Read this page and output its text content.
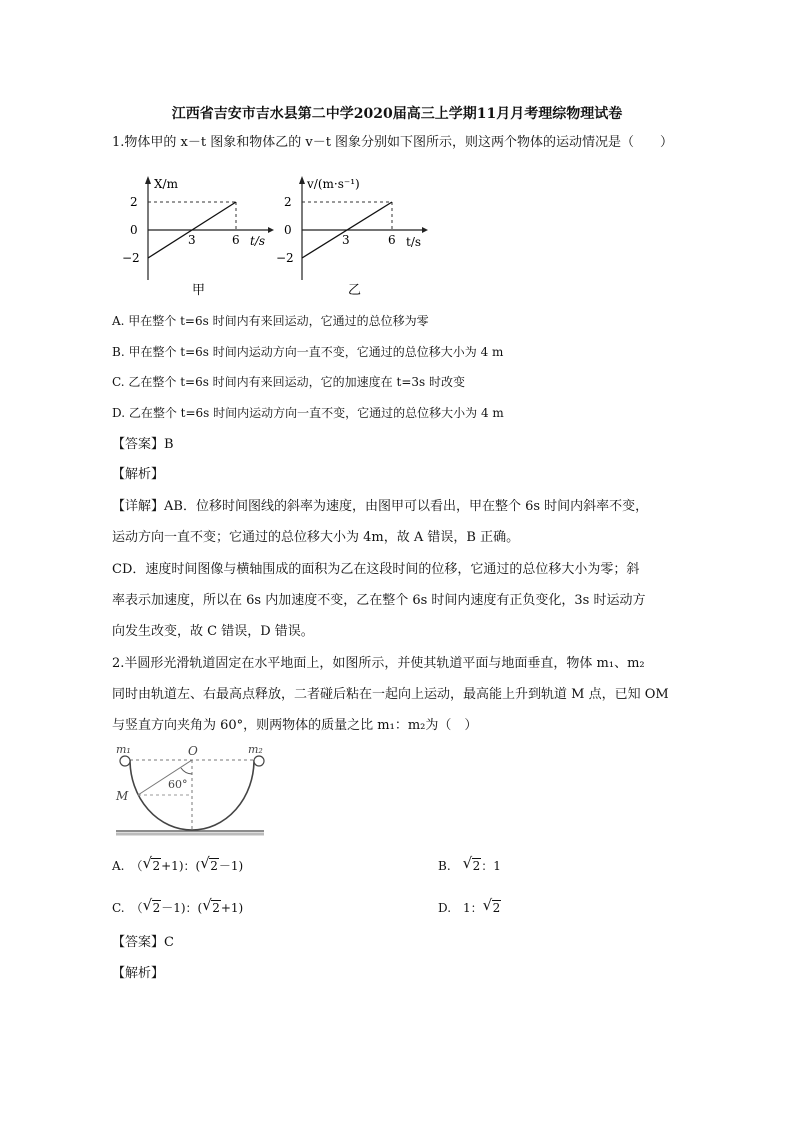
江西省吉安市吉水县第二中学2020届高三上学期11月月考理综物理试卷
1.物体甲的 x－t 图象和物体乙的 v－t 图象分别如下图所示，则这两个物体的运动情况是（　　）
X/m
t/s
2
0
−2
3	6
甲
v/(m·s⁻¹)
t/s
2
0
−2
3	6
乙
A. 甲在整个 t=6s 时间内有来回运动，它通过的总位移为零
B. 甲在整个 t=6s 时间内运动方向一直不变，它通过的总位移大小为 4 m
C. 乙在整个 t=6s 时间内有来回运动，它的加速度在 t=3s 时改变
D. 乙在整个 t=6s 时间内运动方向一直不变，它通过的总位移大小为 4 m
【答案】B
【解析】
【详解】AB．位移时间图线的斜率为速度，由图甲可以看出，甲在整个 6s 时间内斜率不变，
运动方向一直不变；它通过的总位移大小为 4m，故 A 错误，B 正确。
CD．速度时间图像与横轴围成的面积为乙在这段时间的位移，它通过的总位移大小为零；斜
率表示加速度，所以在 6s 内加速度不变，乙在整个 6s 时间内速度有正负变化，3s 时运动方
向发生改变，故 C 错误，D 错误。
2.半圆形光滑轨道固定在水平地面上，如图所示，并使其轨道平面与地面垂直，物体 m₁、m₂
同时由轨道左、右最高点释放，二者碰后粘在一起向上运动，最高能上升到轨道 M 点，已知 OM
与竖直方向夹角为 60°，则两物体的质量之比 m₁：m₂为（　）
m₁	m₂
O
M
60°
A.　（ √ 2+1)：( √ 2－1)	B.　 √ 2：1
C.　（ √ 2－1)：( √ 2+1)	D.　1： √ 2
【答案】C
【解析】
